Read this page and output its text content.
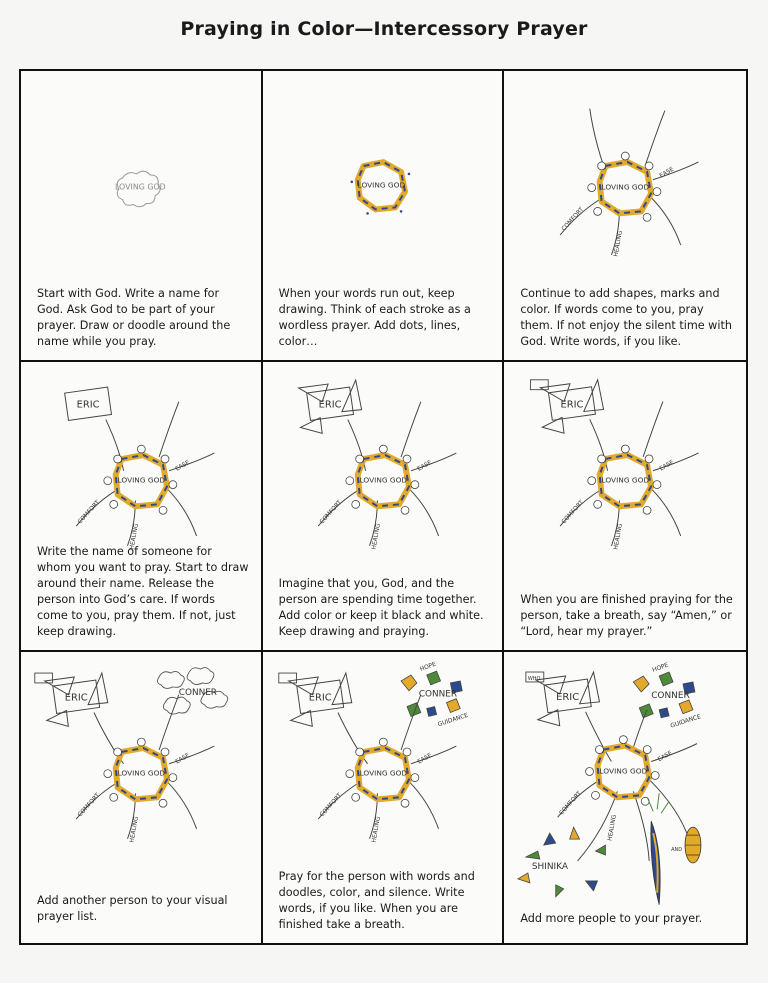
Praying in Color—Intercessory Prayer
LOVING GOD
Start with God. Write a name for God. Ask God to be part of your prayer. Draw or doodle around the name while you pray.
LOVING GOD
When your words run out, keep drawing. Think of each stroke as a wordless prayer. Add dots, lines, color…
LOVING GOD
COMFORT
HEALING
EASE
Continue to add shapes, marks and color. If words come to you, pray them. If not enjoy the silent time with God. Write words, if you like.
ERIC
LOVING GOD
COMFORT
HEALING
EASE
Write the name of someone for whom you want to pray. Start to draw around their name. Release the person into God’s care. If words come to you, pray them. If not, just keep drawing.
ERIC
LOVING GOD
COMFORT
HEALING
EASE
Imagine that you, God, and the person are spending time together. Add color or keep it black and white. Keep drawing and praying.
ERIC
LOVING GOD
COMFORT
HEALING
EASE
When you are finished praying for the person, take a breath, say “Amen,” or “Lord, hear my prayer.”
ERIC	CONNER
LOVING GOD
COMFORT
HEALING
EASE
Add another person to your visual prayer list.
ERIC
HOPE
CONNER
GUIDANCE
LOVING GOD
COMFORT
HEALING
EASE
Pray for the person with words and doodles, color, and silence. Write words, if you like. When you are finished take a breath.
ERIC
HOPE
CONNER
GUIDANCE
LOVING GOD
COMFORT
HEALING
EASE
SHINIKA
AND
WHO
Add more people to your prayer.
